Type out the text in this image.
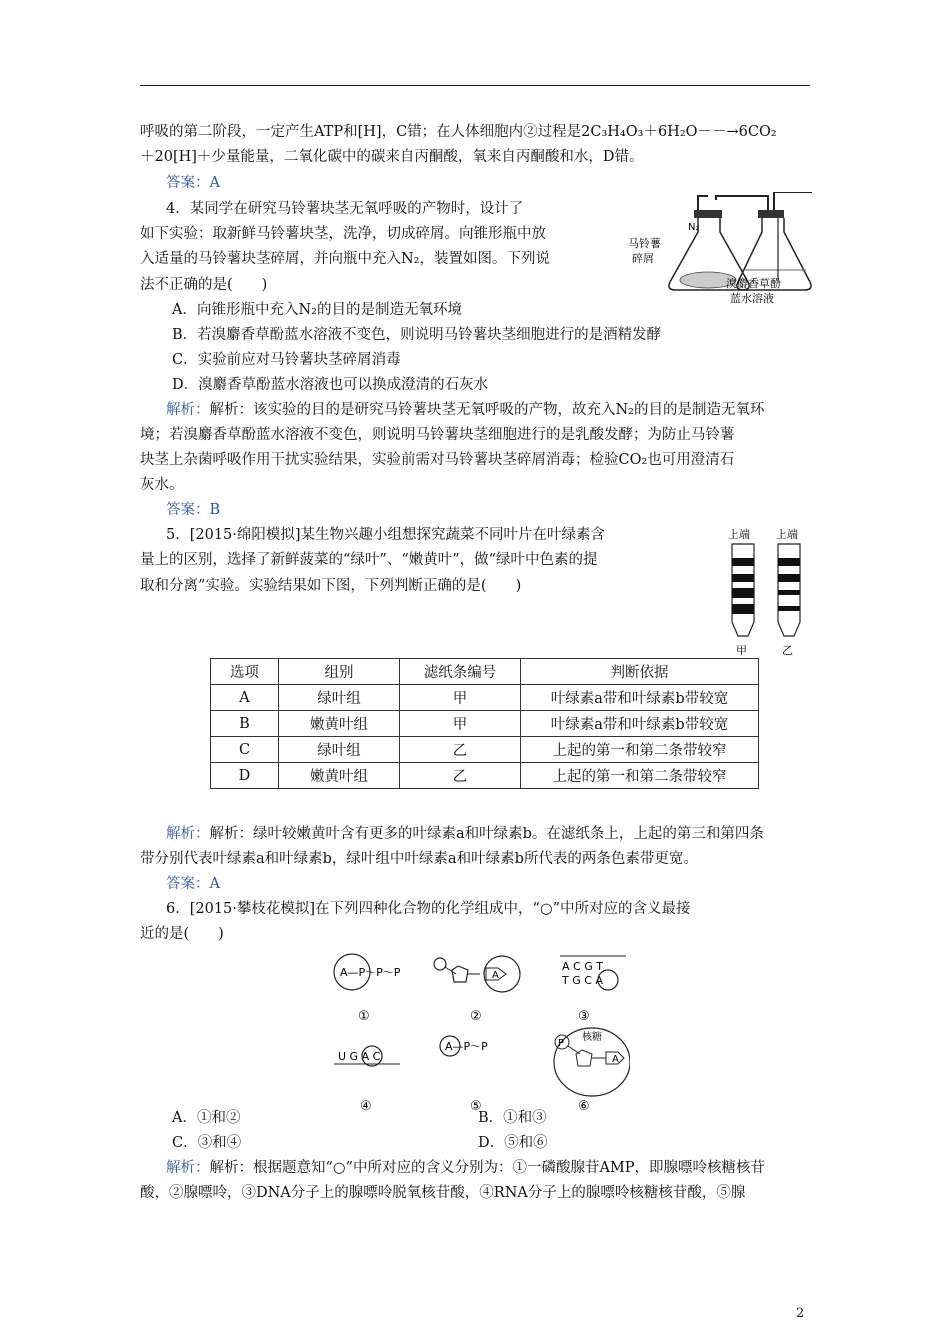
呼吸的第二阶段，一定产生ATP和[H]，C错；在人体细胞内②过程是2C₃H₄O₃＋6H₂O－－→6CO₂
＋20[H]＋少量能量，二氧化碳中的碳来自丙酮酸，氧来自丙酮酸和水，D错。
答案：A
4．某同学在研究马铃薯块茎无氧呼吸的产物时，设计了
如下实验：取新鲜马铃薯块茎，洗净，切成碎屑。向锥形瓶中放
入适量的马铃薯块茎碎屑，并向瓶中充入N₂，装置如图。下列说
法不正确的是(　　)
A．向锥形瓶中充入N₂的目的是制造无氧环境
B．若溴麝香草酚蓝水溶液不变色，则说明马铃薯块茎细胞进行的是酒精发酵
C．实验前应对马铃薯块茎碎屑消毒
D．溴麝香草酚蓝水溶液也可以换成澄清的石灰水
解析：解析：该实验的目的是研究马铃薯块茎无氧呼吸的产物，故充入N₂的目的是制造无氧环
境；若溴麝香草酚蓝水溶液不变色，则说明马铃薯块茎细胞进行的是乳酸发酵；为防止马铃薯
块茎上杂菌呼吸作用干扰实验结果，实验前需对马铃薯块茎碎屑消毒；检验CO₂也可用澄清石
灰水。
答案：B
N₂
马铃薯
碎屑
溴麝香草酚
蓝水溶液
5．[2015·绵阳模拟]某生物兴趣小组想探究蔬菜不同叶片在叶绿素含
量上的区别，选择了新鲜菠菜的“绿叶”、“嫩黄叶”，做“绿叶中色素的提
取和分离”实验。实验结果如下图，下列判断正确的是(　　)
上端 上端
甲	乙
选项	组别	滤纸条编号	判断依据
A	绿叶组	甲	叶绿素a带和叶绿素b带较宽
B	嫩黄叶组	甲	叶绿素a带和叶绿素b带较宽
C	绿叶组	乙	上起的第一和第二条带较窄
D	嫩黄叶组	乙	上起的第一和第二条带较窄
解析：解析：绿叶较嫩黄叶含有更多的叶绿素a和叶绿素b。在滤纸条上，上起的第三和第四条
带分别代表叶绿素a和叶绿素b，绿叶组中叶绿素a和叶绿素b所代表的两条色素带更宽。
答案：A
6．[2015·攀枝花模拟]在下列四种化合物的化学组成中，“○”中所对应的含义最接
近的是(　　)
A—P～P～P
①
A
②
A C G T
T G C A
③
U G A C
④
A—P～P
⑤
P
核糖
A
⑥
A．①和②	B．①和③
C．③和④	D．⑤和⑥
解析：解析：根据题意知“○”中所对应的含义分别为：①一磷酸腺苷AMP，即腺嘌呤核糖核苷
酸，②腺嘌呤，③DNA分子上的腺嘌呤脱氧核苷酸，④RNA分子上的腺嘌呤核糖核苷酸，⑤腺
2
